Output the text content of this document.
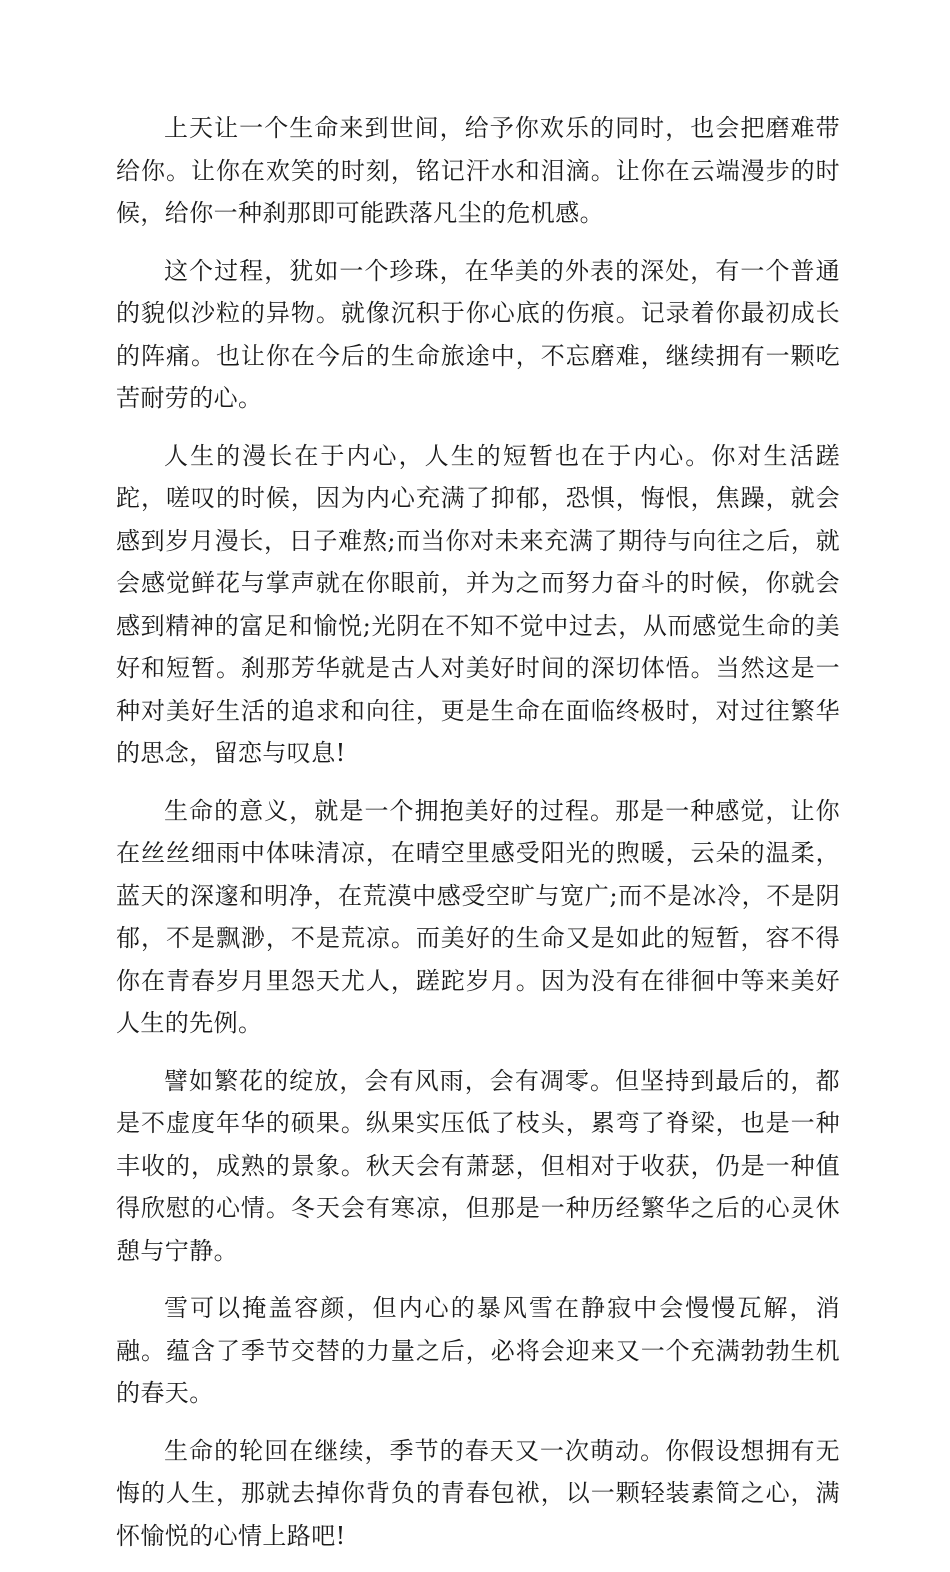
上天让一个生命来到世间，给予你欢乐的同时，也会把磨难带给你。让你在欢笑的时刻，铭记汗水和泪滴。让你在云端漫步的时候，给你一种刹那即可能跌落凡尘的危机感。

这个过程，犹如一个珍珠，在华美的外表的深处，有一个普通的貌似沙粒的异物。就像沉积于你心底的伤痕。记录着你最初成长的阵痛。也让你在今后的生命旅途中，不忘磨难，继续拥有一颗吃苦耐劳的心。

人生的漫长在于内心，人生的短暂也在于内心。你对生活蹉跎，嗟叹的时候，因为内心充满了抑郁，恐惧，悔恨，焦躁，就会感到岁月漫长，日子难熬;而当你对未来充满了期待与向往之后，就会感觉鲜花与掌声就在你眼前，并为之而努力奋斗的时候，你就会感到精神的富足和愉悦;光阴在不知不觉中过去，从而感觉生命的美好和短暂。刹那芳华就是古人对美好时间的深切体悟。当然这是一种对美好生活的追求和向往，更是生命在面临终极时，对过往繁华的思念，留恋与叹息!

生命的意义，就是一个拥抱美好的过程。那是一种感觉，让你在丝丝细雨中体味清凉，在晴空里感受阳光的煦暖，云朵的温柔，蓝天的深邃和明净，在荒漠中感受空旷与宽广;而不是冰冷，不是阴郁，不是飘渺，不是荒凉。而美好的生命又是如此的短暂，容不得你在青春岁月里怨天尤人，蹉跎岁月。因为没有在徘徊中等来美好人生的先例。

譬如繁花的绽放，会有风雨，会有凋零。但坚持到最后的，都是不虚度年华的硕果。纵果实压低了枝头，累弯了脊梁，也是一种丰收的，成熟的景象。秋天会有萧瑟，但相对于收获，仍是一种值得欣慰的心情。冬天会有寒凉，但那是一种历经繁华之后的心灵休憩与宁静。

雪可以掩盖容颜，但内心的暴风雪在静寂中会慢慢瓦解，消融。蕴含了季节交替的力量之后，必将会迎来又一个充满勃勃生机的春天。

生命的轮回在继续，季节的春天又一次萌动。你假设想拥有无悔的人生，那就去掉你背负的青春包袱，以一颗轻装素简之心，满怀愉悦的心情上路吧!
